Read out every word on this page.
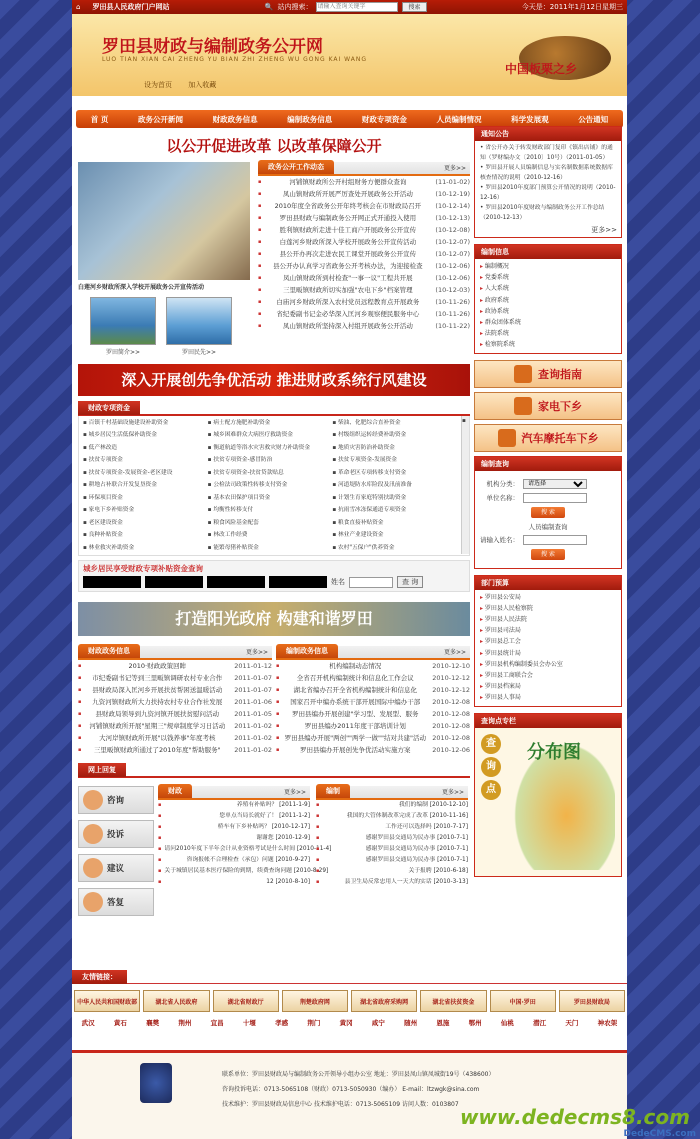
⌂ 罗田县人民政府门户网站	🔍 站内搜索：
请输入查询关键字	搜索	今天是：2011年1月12日星期三
罗田县财政与编制政务公开网
LUO TIAN XIAN CAI ZHENG YU BIAN ZHI ZHENG WU GONG KAI WANG
设为首页 加入收藏
中国板栗之乡
首 页	政务公开新闻	财政政务信息	编制政务信息	财政专项资金	人员编制情况	科学发展观	公告通知
以公开促进改革 以改革保障公开
白莲河乡财政所深入学校开展政务公开宣传活动
罗田简介>>	罗田民先>>
政务公开工作动态	更多>>
▪ 河铺镇财政所公开村组财务方便群众查询	(11-01-02)
▪ 凤山镇财政所开展严厉查处开展政务公开活动	(10-12-19)
▪ 2010年度全省政务公开年终考核会在市财政局召开 (10-12-14)
▪ 罗田县财政与编制政务公开网正式开通投入使用	(10-12-13)
▪ 胜利镇财政所走进十佳工商户开展政务公开宣传	(10-12-08)
▪ 白莲河乡财政所深入学校开展政务公开宣传活动	(10-12-07)
▪ 县公开办再次走进农民工课堂开展政务公开宣传	(10-12-07)
▪ 县公开办认真学习省政务公开考核办法，为迎接检查 (10-12-06)
▪ 凤山镇财政所到村检查"一事一议"工程共开展	(10-12-06)
▪ 三里畈镇财政所切实加强"农电下乡"档案管理	(10-12-03)
▪ 白庙河乡财政所深入农村党员远程教育点开展政务 (10-11-26)
▪ 省纪委副书记金必华深入匡河乡观察便民服务中心 (10-11-26)
▪ 凤山镇财政所坚持深入村组开展政务公开活动	(10-11-22)
深入开展创先争优活动 推进财政系统行风建设
财政专项资金
▪ 百镇千村基础设施建设补助资金	▪ 病士配方施肥补助资金	▪ 柴油、化肥综合直补资金
▪ 城乡居民生活低保补助资金	▪ 城乡困难群众大病医疗救助资金	▪ 村级组织运转经费补助资金
▪ 低产林改造	▪ 衡道航道等浴水灾害救灾财力补助资金	▪ 地质灾害防治补助资金
▪ 扶贫专项资金	▪ 扶贫专项资金-感冒防治	▪ 扶贫专项资金-发展资金
▪ 扶贫专项资金-发展资金-老区建设	▪ 扶贫专项资金-扶贫贷款贴息	▪ 革命老区专项转移支付资金
▪ 耕地占补联合开发复垦资金	▪ 公检法司政策性转移支付资金	▪ 河道堤防水库险段及汛前准备
▪ 环保项目资金	▪ 基本农田保护项目资金	▪ 计划生育家庭特别扶助资金
▪ 家电下乡补贴资金	▪ 均衡性转移支付	▪ 抗雨雪冰冻保通道专项资金
▪ 老区建设资金	▪ 粮食风险基金配套	▪ 粮食直接补贴资金
▪ 良种补贴资金	▪ 林改工作经费	▪ 林业产业建设资金
▪ 林业救灾补助资金	▪ 能繁母猪补贴资金	▪ 农村"五保户"供养资金
▪
城乡居民享受财政专项补贴资金查询
姓名	查 询
打造阳光政府 构建和谐罗田
财政政务信息	更多>>
▪ 2010·财政政策回眸	2011-01-12
▪ 市纪委副书记等到三里畈镇调研农村专业合作 2011-01-07
▪ 县财政局深入匡河乡开展扶贫帮困送温暖活动 2011-01-07
▪ 九资河镇财政所大力扶持农村专业合作社发展 2011-01-06
▪ 县财政局领导到九资河镇开展扶贫慰问活动 2011-01-05
▪ 河铺镇财政所开展"星期三"规章制度学习日活动 2011-01-02
▪ 大河岸镇财政所开展"以钱养事"年度考核	2011-01-02
▪ 三里畈镇财政所通过了2010年度"帮助服务" 2011-01-02
编制政务信息	更多>>
▪ 机构编制动态情况	2010-12-10
▪ 全省召开机构编制统计和信息化工作会议	2010-12-12
▪ 湖北省编办召开全省机构编制统计和信息化 2010-12-12
▪ 国家召开中编办系统干部开展国际中编办干部 2010-12-08
▪ 罗田县编办开展创建"学习型、发展型、服务 2010-12-08
▪ 罗田县编办2011年度干部培训计划	2010-12-08
▪ 罗田县编办开展"两创""两学一做""结对共建"活动 2010-12-08
▪ 罗田县编办开展创先争优活动实施方案	2010-12-06
网上回复
咨询
投诉
建议
答复
财政	更多>>
▪ 养殖有补贴吗？ [2011-1-9]
▪ 您单点当局长就好了！ [2011-1-2]
▪ 桥车有下乡补贴吗？ [2010-12-17]
▪ 谢谢您 [2010-12-9]
▪ 请问2010年度下半年会计从业资格考试是什么时间 [2010-11-4]
▪ 咨询报帐不合理检查（承包）问题 [2010-9-27]
▪ 关于城镇居民基本医疗保险的到期，续费查询问题 [2010-8-29]
▪ 12 [2010-8-10]
编制	更多>>
▪ 我们的编制 [2010-12-10]
▪ 我国的大管体制改革完成了改革 [2010-11-16]
▪ 工作还可以选择吗 [2010-7-17]
▪ 感谢罗田县交通局为民办事 [2010-7-1]
▪ 感谢罗田县交通局为民办事 [2010-7-1]
▪ 感谢罗田县交通局为民办事 [2010-7-1]
▪ 关于报聘 [2010-6-18]
▪ 县卫生局反常忠用人一天大的实话 [2010-3-13]
通知公告
• 省公开办关于转发财政部门复印《镇出店铺》的通知（罗财编办文〔2010〕10号）（2011-01-05）
• 罗田县开展人员编制信息与实名制数据系统数据库核查情况的说明（2010-12-16）
• 罗田县2010年度部门预算公开情况的说明（2010-12-16）
• 罗田县2010年度财政与编制政务公开工作总结（2010-12-13）
更多>>
编制信息
▸ 编制概况
▸ 党委系统
▸ 人大系统
▸ 政府系统
▸ 政协系统
▸ 群众团体系统
▸ 法院系统
▸ 检察院系统
查询指南
家电下乡
汽车摩托车下乡
编制查询
机构分类：
请选择
单位名称：
搜 索
人员编制查询
请输入姓名：
搜 索
部门预算
▸ 罗田县公安局
▸ 罗田县人民检察院
▸ 罗田县人民法院
▸ 罗田县司法局
▸ 罗田县总工会
▸ 罗田县统计局
▸ 罗田县机构编制委员会办公室
▸ 罗田县工商联合会
▸ 罗田县档案局
▸ 罗田县人事局
查询点专栏
查
询
点
分布图
友情链接：
中华人民共和国财政部	湖北省人民政府	湖北省财政厅	荆楚政府网	湖北省政府采购网	湖北省扶贫资金	中国·罗田	罗田县财政局
武汉	黄石	襄樊	荆州	宜昌	十堰	孝感	荆门	黄冈	咸宁	随州	恩施	鄂州	仙桃	潜江	天门	神农架
联系单位：罗田县财政局与编制政务公开领导小组办公室 地址：罗田县凤山镇凤城街19号（438600）
咨询投诉电话：0713-5065108（财政）0713-5050930（编办） E-mail：ltzwgk@sina.com
技术维护：罗田县财政局信息中心 技术维护电话：0713-5065109 访问人数：0103807
www.dedecms8.com
DedeCMS.com
